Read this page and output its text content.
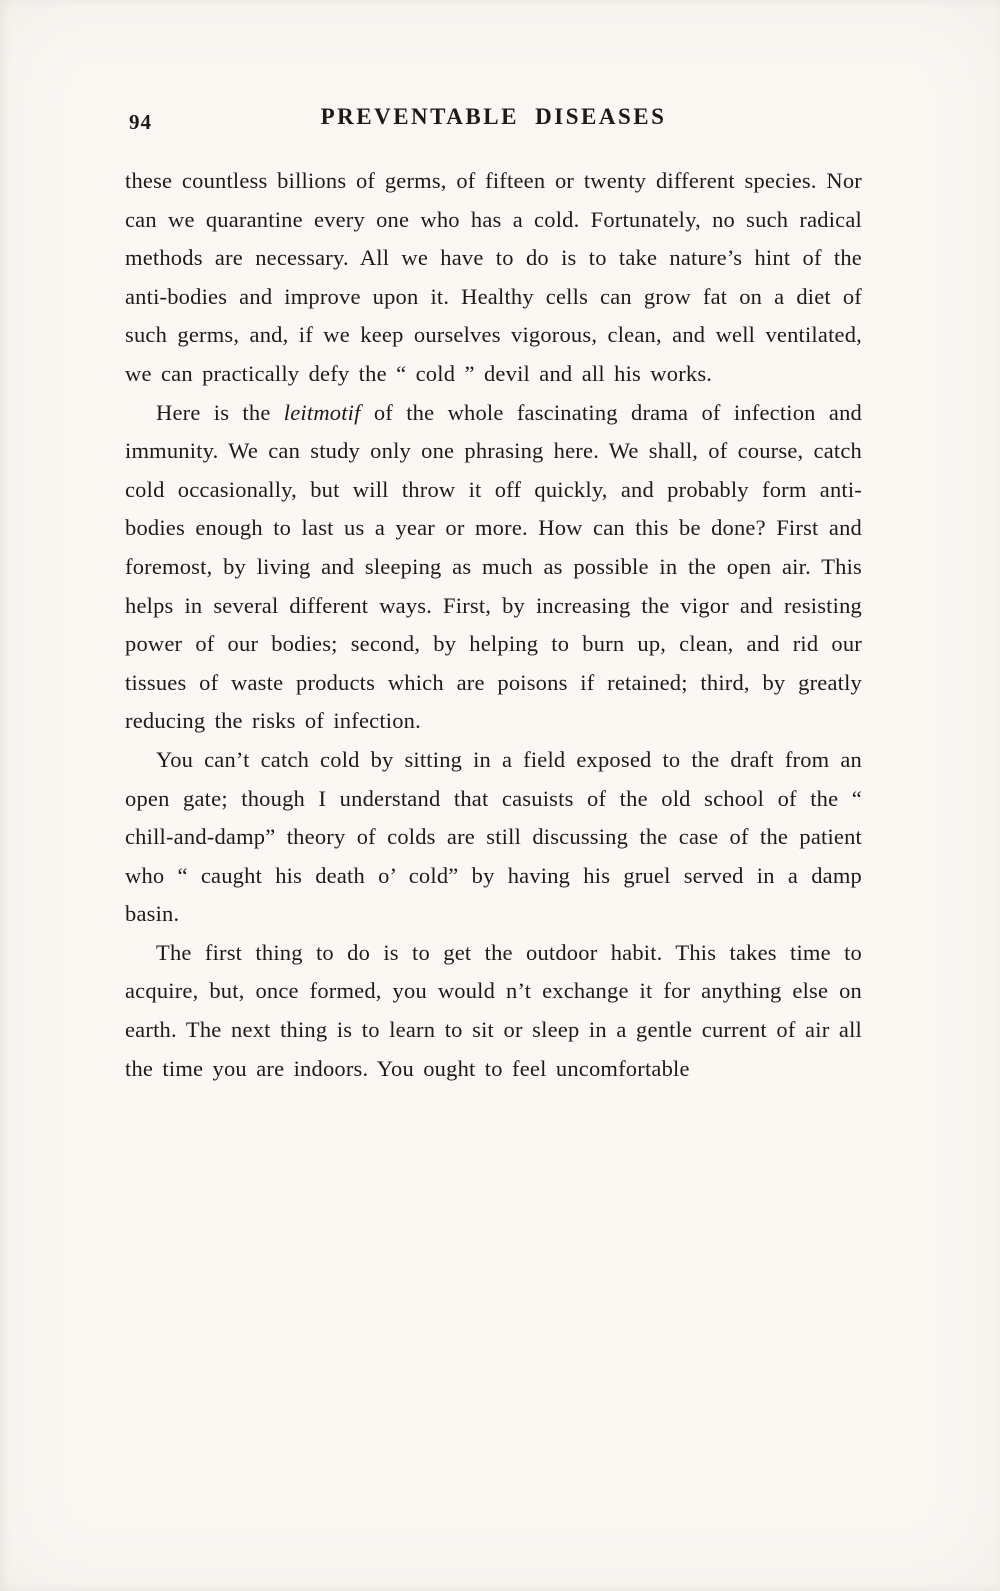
94	PREVENTABLE DISEASES

these countless billions of germs, of fifteen or twenty different species. Nor can we quarantine every one who has a cold. Fortunately, no such radical methods are necessary. All we have to do is to take nature’s hint of the anti-bodies and improve upon it. Healthy cells can grow fat on a diet of such germs, and, if we keep ourselves vigorous, clean, and well ventilated, we can practically defy the “ cold ” devil and all his works.

Here is the leitmotif of the whole fascinating drama of infection and immunity. We can study only one phrasing here. We shall, of course, catch cold occasionally, but will throw it off quickly, and probably form anti-bodies enough to last us a year or more. How can this be done? First and foremost, by living and sleeping as much as possible in the open air. This helps in several different ways. First, by increasing the vigor and resisting power of our bodies; second, by helping to burn up, clean, and rid our tissues of waste products which are poisons if retained; third, by greatly reducing the risks of infection.

You can’t catch cold by sitting in a field exposed to the draft from an open gate; though I understand that casuists of the old school of the “ chill-and-damp” theory of colds are still discussing the case of the patient who “ caught his death o’ cold” by having his gruel served in a damp basin.

The first thing to do is to get the outdoor habit. This takes time to acquire, but, once formed, you would n’t exchange it for anything else on earth. The next thing is to learn to sit or sleep in a gentle current of air all the time you are indoors. You ought to feel uncomfortable
